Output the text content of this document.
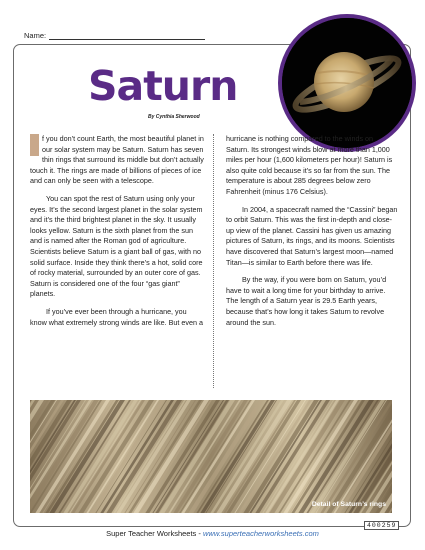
Name:
Saturn
By Cynthia Sherwood

f you don’t count Earth, the most beautiful planet in our solar system may be Saturn. Saturn has seven thin rings that surround its middle but don’t actually touch it. The rings are made of billions of pieces of ice and can only be seen with a telescope.

You can spot the rest of Saturn using only your eyes. It’s the second largest planet in the solar system and it’s the third brightest planet in the sky. It usually looks yellow. Saturn is the sixth planet from the sun and is named after the Roman god of agriculture. Scientists believe Saturn is a giant ball of gas, with no solid surface. Inside they think there’s a hot, solid core of rocky material, surrounded by an outer core of gas. Saturn is considered one of the four “gas giant” planets.

If you’ve ever been through a hurricane, you know what extremely strong winds are like. But even a

hurricane is nothing compared to the winds on Saturn. Its strongest winds blow at more than 1,000 miles per hour (1,600 kilometers per hour)! Saturn is also quite cold because it’s so far from the sun. The temperature is about 285 degrees below zero Fahrenheit (minus 176 Celsius).

In 2004, a spacecraft named the “Cassini” began to orbit Saturn. This was the first in-depth and close-up view of the planet. Cassini has given us amazing pictures of Saturn, its rings, and its moons. Scientists have discovered that Saturn’s largest moon—named Titan—is similar to Earth before there was life.

By the way, if you were born on Saturn, you’d have to wait a long time for your birthday to arrive. The length of a Saturn year is 29.5 Earth years, because that’s how long it takes Saturn to revolve around the sun.

Detail of Saturn’s rings
400259
Super Teacher Worksheets - www.superteacherworksheets.com
